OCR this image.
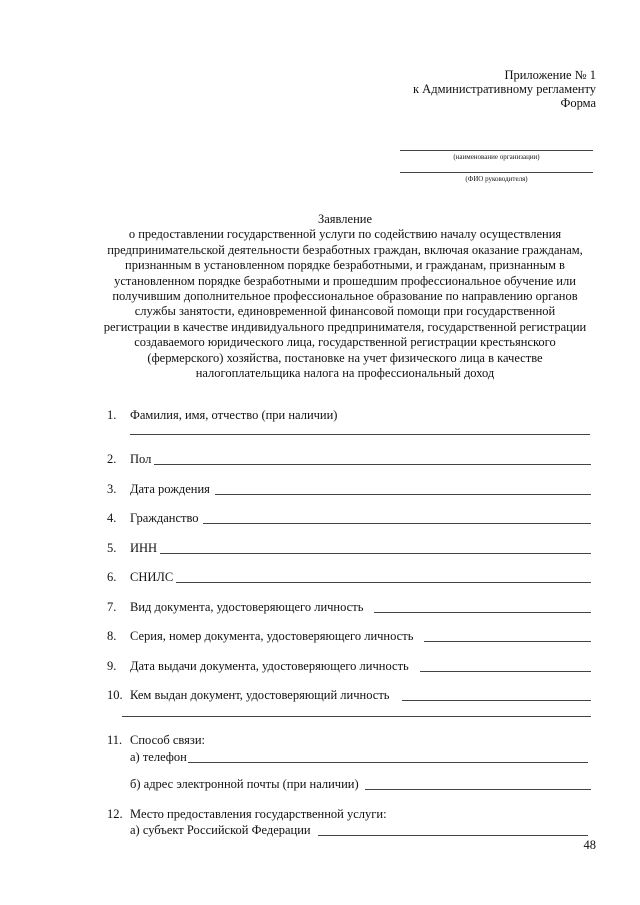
Приложение № 1
к Административному регламенту
Форма
(наименование организации)
(ФИО руководителя)
Заявление
о предоставлении государственной услуги по содействию началу осуществления
предпринимательской деятельности безработных граждан, включая оказание гражданам,
признанным в установленном порядке безработными, и гражданам, признанным в
установленном порядке безработными и прошедшим профессиональное обучение или
получившим дополнительное профессиональное образование по направлению органов
службы занятости, единовременной финансовой помощи при государственной
регистрации в качестве индивидуального предпринимателя, государственной регистрации
создаваемого юридического лица, государственной регистрации крестьянского
(фермерского) хозяйства, постановке на учет физического лица в качестве
налогоплательщика налога на профессиональный доход
1. Фамилия, имя, отчество (при наличии)
2. Пол
3. Дата рождения
4. Гражданство
5. ИНН
6. СНИЛС
7. Вид документа, удостоверяющего личность
8. Серия, номер документа, удостоверяющего личность
9. Дата выдачи документа, удостоверяющего личность
10. Кем выдан документ, удостоверяющий личность
11. Способ связи:
а) телефон
б) адрес электронной почты (при наличии)
12. Место предоставления государственной услуги:
а) субъект Российской Федерации
48
